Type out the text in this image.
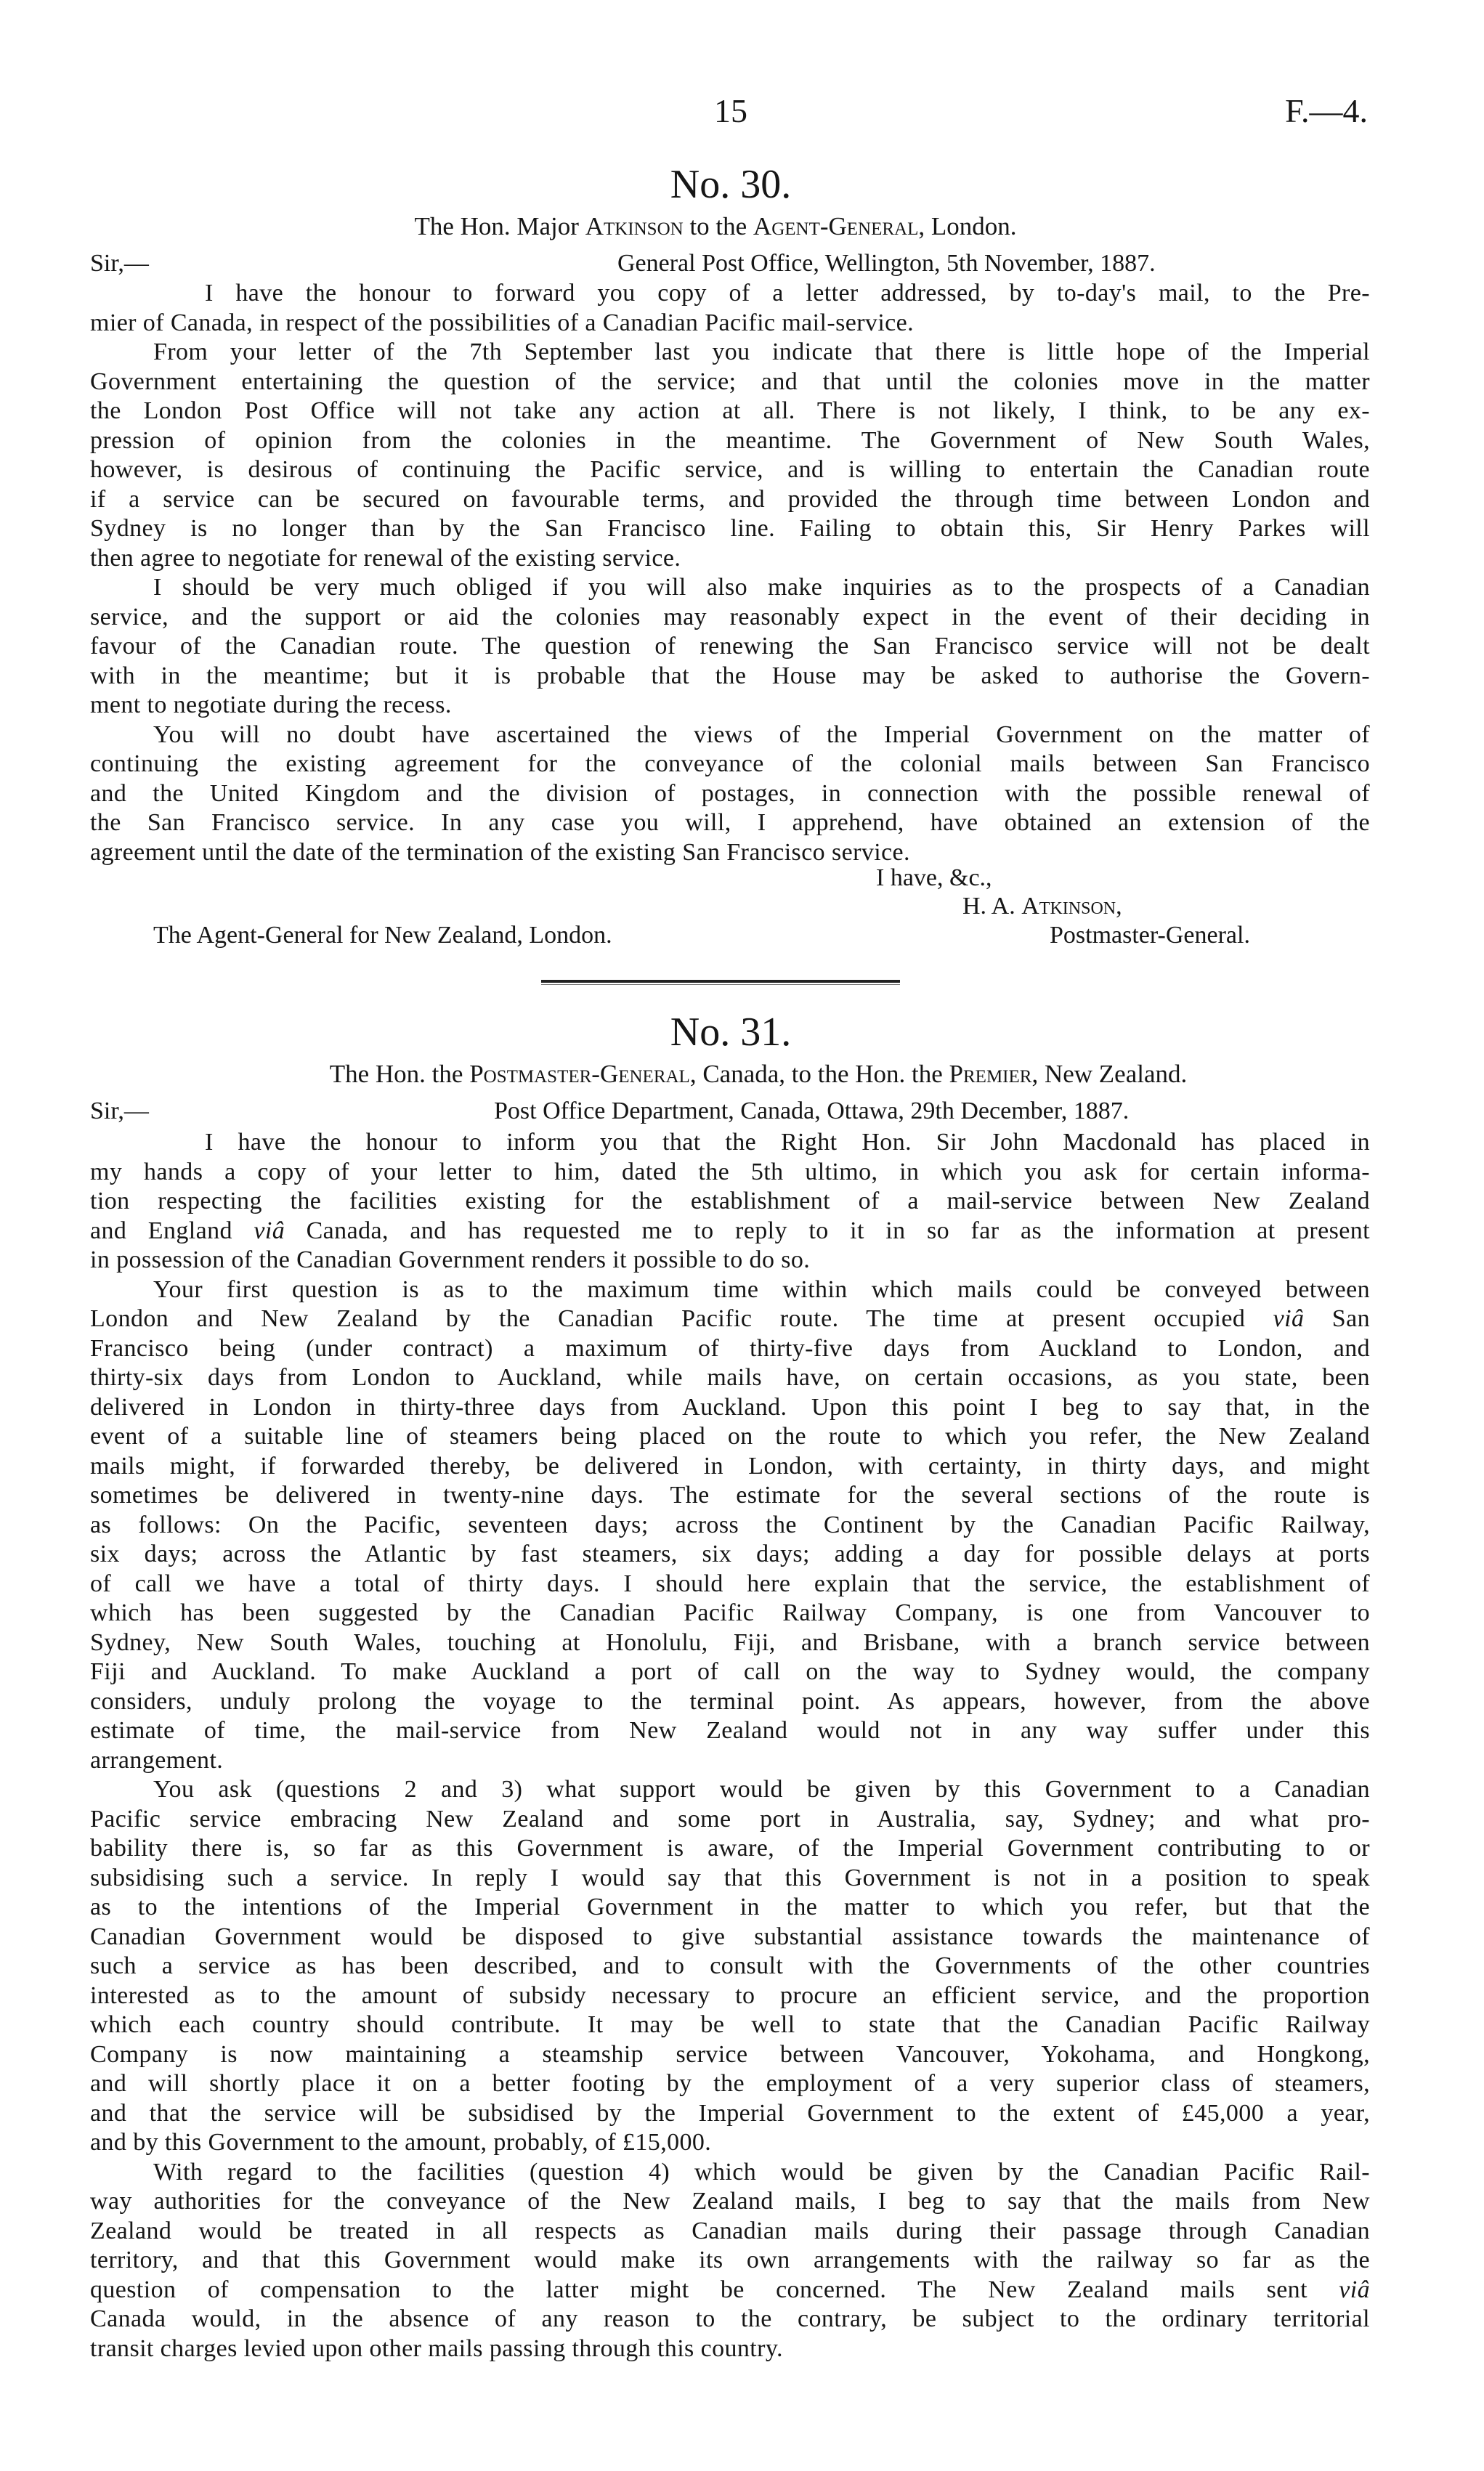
15	F.—4.
No. 30.
The Hon. Major Atkinson to the Agent-General, London.
Sir,—	General Post Office, Wellington, 5th November, 1887.
I have the honour to forward you copy of a letter addressed, by to-day's mail, to the Pre-
mier of Canada, in respect of the possibilities of a Canadian Pacific mail-service.
From your letter of the 7th September last you indicate that there is little hope of the Imperial
Government entertaining the question of the service; and that until the colonies move in the matter
the London Post Office will not take any action at all. There is not likely, I think, to be any ex-
pression of opinion from the colonies in the meantime. The Government of New South Wales,
however, is desirous of continuing the Pacific service, and is willing to entertain the Canadian route
if a service can be secured on favourable terms, and provided the through time between London and
Sydney is no longer than by the San Francisco line. Failing to obtain this, Sir Henry Parkes will
then agree to negotiate for renewal of the existing service.
I should be very much obliged if you will also make inquiries as to the prospects of a Canadian
service, and the support or aid the colonies may reasonably expect in the event of their deciding in
favour of the Canadian route. The question of renewing the San Francisco service will not be dealt
with in the meantime; but it is probable that the House may be asked to authorise the Govern-
ment to negotiate during the recess.
You will no doubt have ascertained the views of the Imperial Government on the matter of
continuing the existing agreement for the conveyance of the colonial mails between San Francisco
and the United Kingdom and the division of postages, in connection with the possible renewal of
the San Francisco service. In any case you will, I apprehend, have obtained an extension of the
agreement until the date of the termination of the existing San Francisco service.
I have, &c.,
H. A. Atkinson,
The Agent-General for New Zealand, London.	Postmaster-General.
No. 31.
The Hon. the Postmaster-General, Canada, to the Hon. the Premier, New Zealand.
Sir,—	Post Office Department, Canada, Ottawa, 29th December, 1887.
I have the honour to inform you that the Right Hon. Sir John Macdonald has placed in
my hands a copy of your letter to him, dated the 5th ultimo, in which you ask for certain informa-
tion respecting the facilities existing for the establishment of a mail-service between New Zealand
and England viâ Canada, and has requested me to reply to it in so far as the information at present
in possession of the Canadian Government renders it possible to do so.
Your first question is as to the maximum time within which mails could be conveyed between
London and New Zealand by the Canadian Pacific route. The time at present occupied viâ San
Francisco being (under contract) a maximum of thirty-five days from Auckland to London, and
thirty-six days from London to Auckland, while mails have, on certain occasions, as you state, been
delivered in London in thirty-three days from Auckland. Upon this point I beg to say that, in the
event of a suitable line of steamers being placed on the route to which you refer, the New Zealand
mails might, if forwarded thereby, be delivered in London, with certainty, in thirty days, and might
sometimes be delivered in twenty-nine days. The estimate for the several sections of the route is
as follows: On the Pacific, seventeen days; across the Continent by the Canadian Pacific Railway,
six days; across the Atlantic by fast steamers, six days; adding a day for possible delays at ports
of call we have a total of thirty days. I should here explain that the service, the establishment of
which has been suggested by the Canadian Pacific Railway Company, is one from Vancouver to
Sydney, New South Wales, touching at Honolulu, Fiji, and Brisbane, with a branch service between
Fiji and Auckland. To make Auckland a port of call on the way to Sydney would, the company
considers, unduly prolong the voyage to the terminal point. As appears, however, from the above
estimate of time, the mail-service from New Zealand would not in any way suffer under this
arrangement.
You ask (questions 2 and 3) what support would be given by this Government to a Canadian
Pacific service embracing New Zealand and some port in Australia, say, Sydney; and what pro-
bability there is, so far as this Government is aware, of the Imperial Government contributing to or
subsidising such a service. In reply I would say that this Government is not in a position to speak
as to the intentions of the Imperial Government in the matter to which you refer, but that the
Canadian Government would be disposed to give substantial assistance towards the maintenance of
such a service as has been described, and to consult with the Governments of the other countries
interested as to the amount of subsidy necessary to procure an efficient service, and the proportion
which each country should contribute. It may be well to state that the Canadian Pacific Railway
Company is now maintaining a steamship service between Vancouver, Yokohama, and Hongkong,
and will shortly place it on a better footing by the employment of a very superior class of steamers,
and that the service will be subsidised by the Imperial Government to the extent of £45,000 a year,
and by this Government to the amount, probably, of £15,000.
With regard to the facilities (question 4) which would be given by the Canadian Pacific Rail-
way authorities for the conveyance of the New Zealand mails, I beg to say that the mails from New
Zealand would be treated in all respects as Canadian mails during their passage through Canadian
territory, and that this Government would make its own arrangements with the railway so far as the
question of compensation to the latter might be concerned. The New Zealand mails sent viâ
Canada would, in the absence of any reason to the contrary, be subject to the ordinary territorial
transit charges levied upon other mails passing through this country.
